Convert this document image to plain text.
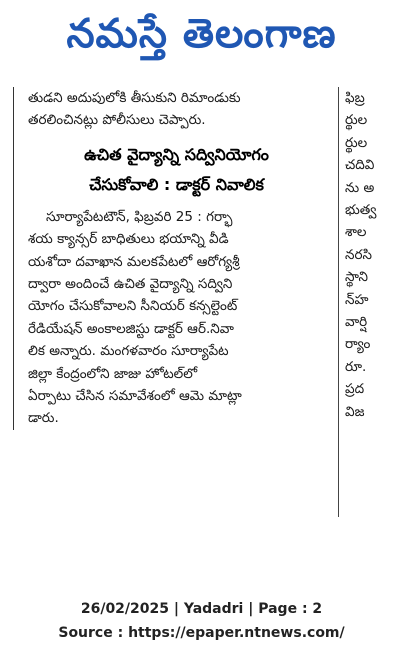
నమస్తే తెలంగాణ
తుడని అదుపులోకి తీసుకుని రిమాండుకు
తరలించినట్లు పోలీసులు చెప్పారు.
ఉచిత వైద్యాన్ని సద్వినియోగం
చేసుకోవాలి : డాక్టర్ నివాలిక
సూర్యాపేటటౌన్, ఫిబ్రవరి 25 : గర్భా
శయ క్యాన్సర్ బాధితులు భయాన్ని వీడి
యశోదా దవాఖాన మలకపేటలో ఆరోగ్యశ్రీ
ద్వారా అందించే ఉచిత వైద్యాన్ని సద్విని
యోగం చేసుకోవాలని సీనియర్ కన్సల్టెంట్
రేడియేషన్ అంకాలజిస్టు డాక్టర్ ఆర్.నివా
లిక అన్నారు. మంగళవారం సూర్యాపేట
జిల్లా కేంద్రంలోని జాజు హోటల్‌లో
ఏర్పాటు చేసిన సమావేశంలో ఆమె మాట్లా
డారు.
ఫిబ్ర
ర్థుల
ర్థుల
చదివి
ను అ
భుత్వ
శాల
నరసి
స్థాని
న్‌హ
వార్షి
ర్యాం
రూ.
ప్రద
విజ
26/02/2025 | Yadadri | Page : 2
Source : https://epaper.ntnews.com/
